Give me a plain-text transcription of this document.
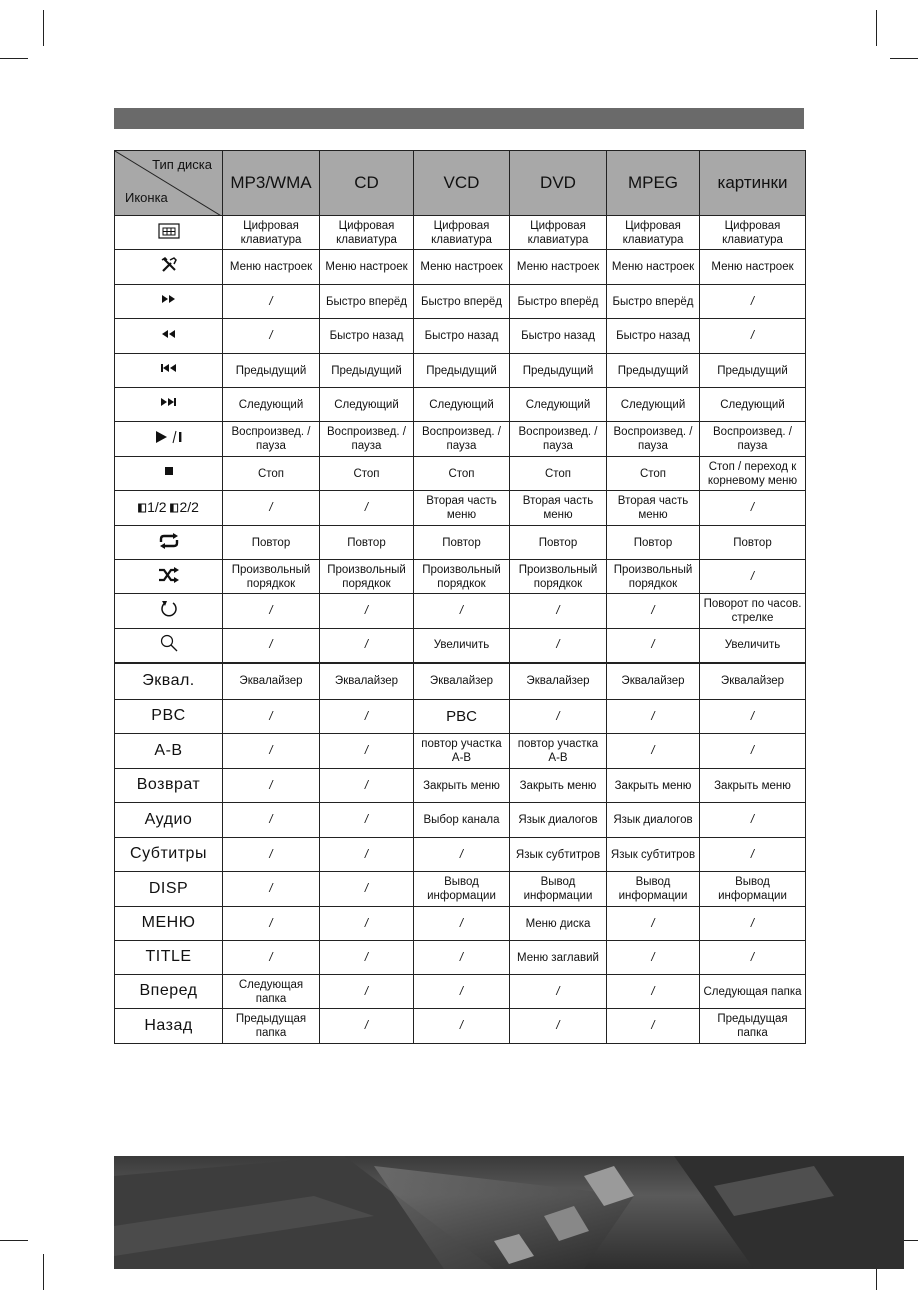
Тип диска
Иконка	MP3/WMA	CD	VCD	DVD	MPEG	картинки
	Цифровая клавиатура	Цифровая клавиатура	Цифровая клавиатура	Цифровая клавиатура	Цифровая клавиатура	Цифровая клавиатура
	Меню настроек	Меню настроек	Меню настроек	Меню настроек	Меню настроек	Меню настроек
	/	Быстро вперёд	Быстро вперёд	Быстро вперёд	Быстро вперёд	/
	/	Быстро назад	Быстро назад	Быстро назад	Быстро назад	/
	Предыдущий	Предыдущий	Предыдущий	Предыдущий	Предыдущий	Предыдущий
	Следующий	Следующий	Следующий	Следующий	Следующий	Следующий
	Воспроизвед. / пауза	Воспроизвед. / пауза	Воспроизвед. / пауза	Воспроизвед. / пауза	Воспроизвед. / пауза	Воспроизвед. / пауза
	Стоп	Стоп	Стоп	Стоп	Стоп	Стоп / переход к корневому меню
1/2 2/2	/	/	Вторая часть меню	Вторая часть меню	Вторая часть меню	/
	Повтор	Повтор	Повтор	Повтор	Повтор	Повтор
	Произвольный порядкок	Произвольный порядкок	Произвольный порядкок	Произвольный порядкок	Произвольный порядкок	/
	/	/	/	/	/	Поворот по часов. стрелке
	/	/	Увеличить	/	/	Увеличить
Эквал.	Эквалайзер	Эквалайзер	Эквалайзер	Эквалайзер	Эквалайзер	Эквалайзер
PBC	/	/	PBC	/	/	/
A-B	/	/	повтор участка A-B	повтор участка A-B	/	/
Возврат	/	/	Закрыть меню	Закрыть меню	Закрыть меню	Закрыть меню
Аудио	/	/	Выбор канала	Язык диалогов	Язык диалогов	/
Субтитры	/	/	/	Язык субтитров	Язык субтитров	/
DISP	/	/	Вывод информации	Вывод информации	Вывод информации	Вывод информации
МЕНЮ	/	/	/	Меню диска	/	/
TITLE	/	/	/	Меню заглавий	/	/
Вперед	Следующая папка	/	/	/	/	Следующая папка
Назад	Предыдущая папка	/	/	/	/	Предыдущая папка
